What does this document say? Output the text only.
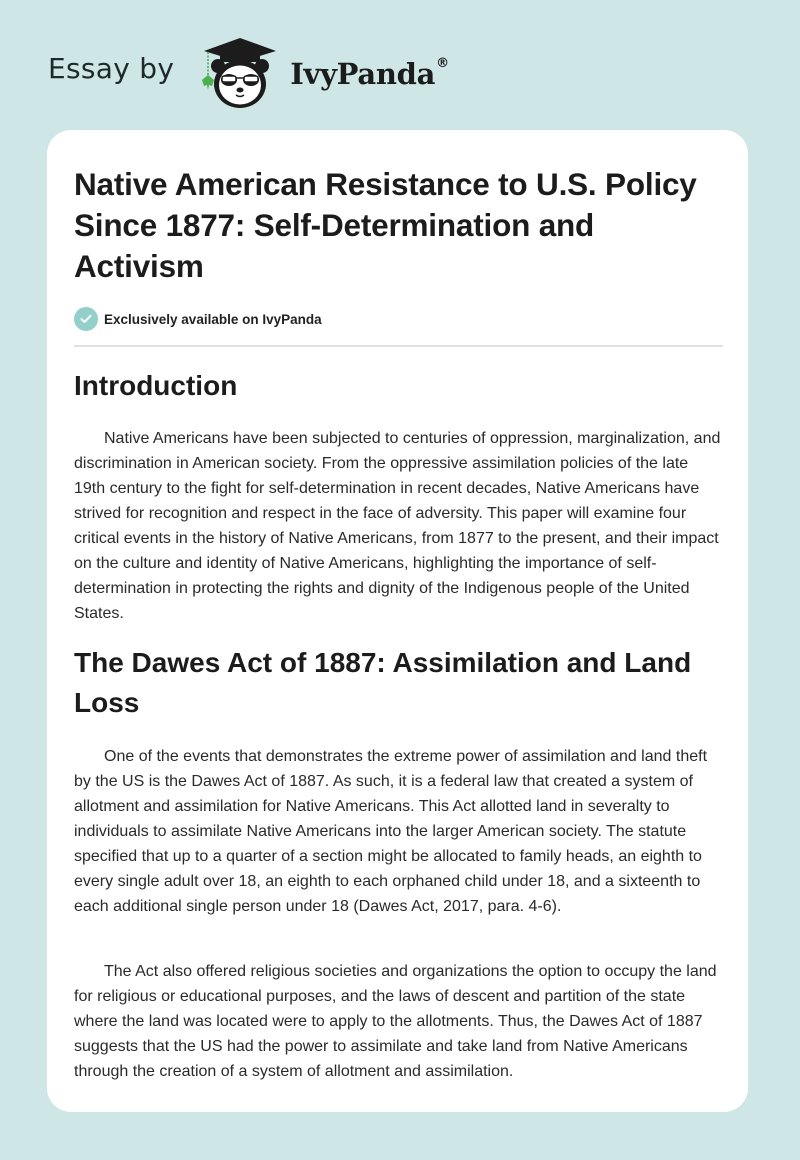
Essay by	IvyPanda®
Native American Resistance to U.S. Policy Since 1877: Self-Determination and Activism
Exclusively available on IvyPanda
Introduction

Native Americans have been subjected to centuries of oppression, marginalization, and discrimination in American society. From the oppressive assimilation policies of the late 19th century to the fight for self-determination in recent decades, Native Americans have strived for recognition and respect in the face of adversity. This paper will examine four critical events in the history of Native Americans, from 1877 to the present, and their impact on the culture and identity of Native Americans, highlighting the importance of self-determination in protecting the rights and dignity of the Indigenous people of the United States.

The Dawes Act of 1887: Assimilation and Land Loss

One of the events that demonstrates the extreme power of assimilation and land theft by the US is the Dawes Act of 1887. As such, it is a federal law that created a system of allotment and assimilation for Native Americans. This Act allotted land in severalty to individuals to assimilate Native Americans into the larger American society. The statute specified that up to a quarter of a section might be allocated to family heads, an eighth to every single adult over 18, an eighth to each orphaned child under 18, and a sixteenth to each additional single person under 18 (Dawes Act, 2017, para. 4-6).

The Act also offered religious societies and organizations the option to occupy the land for religious or educational purposes, and the laws of descent and partition of the state where the land was located were to apply to the allotments. Thus, the Dawes Act of 1887 suggests that the US had the power to assimilate and take land from Native Americans through the creation of a system of allotment and assimilation.
